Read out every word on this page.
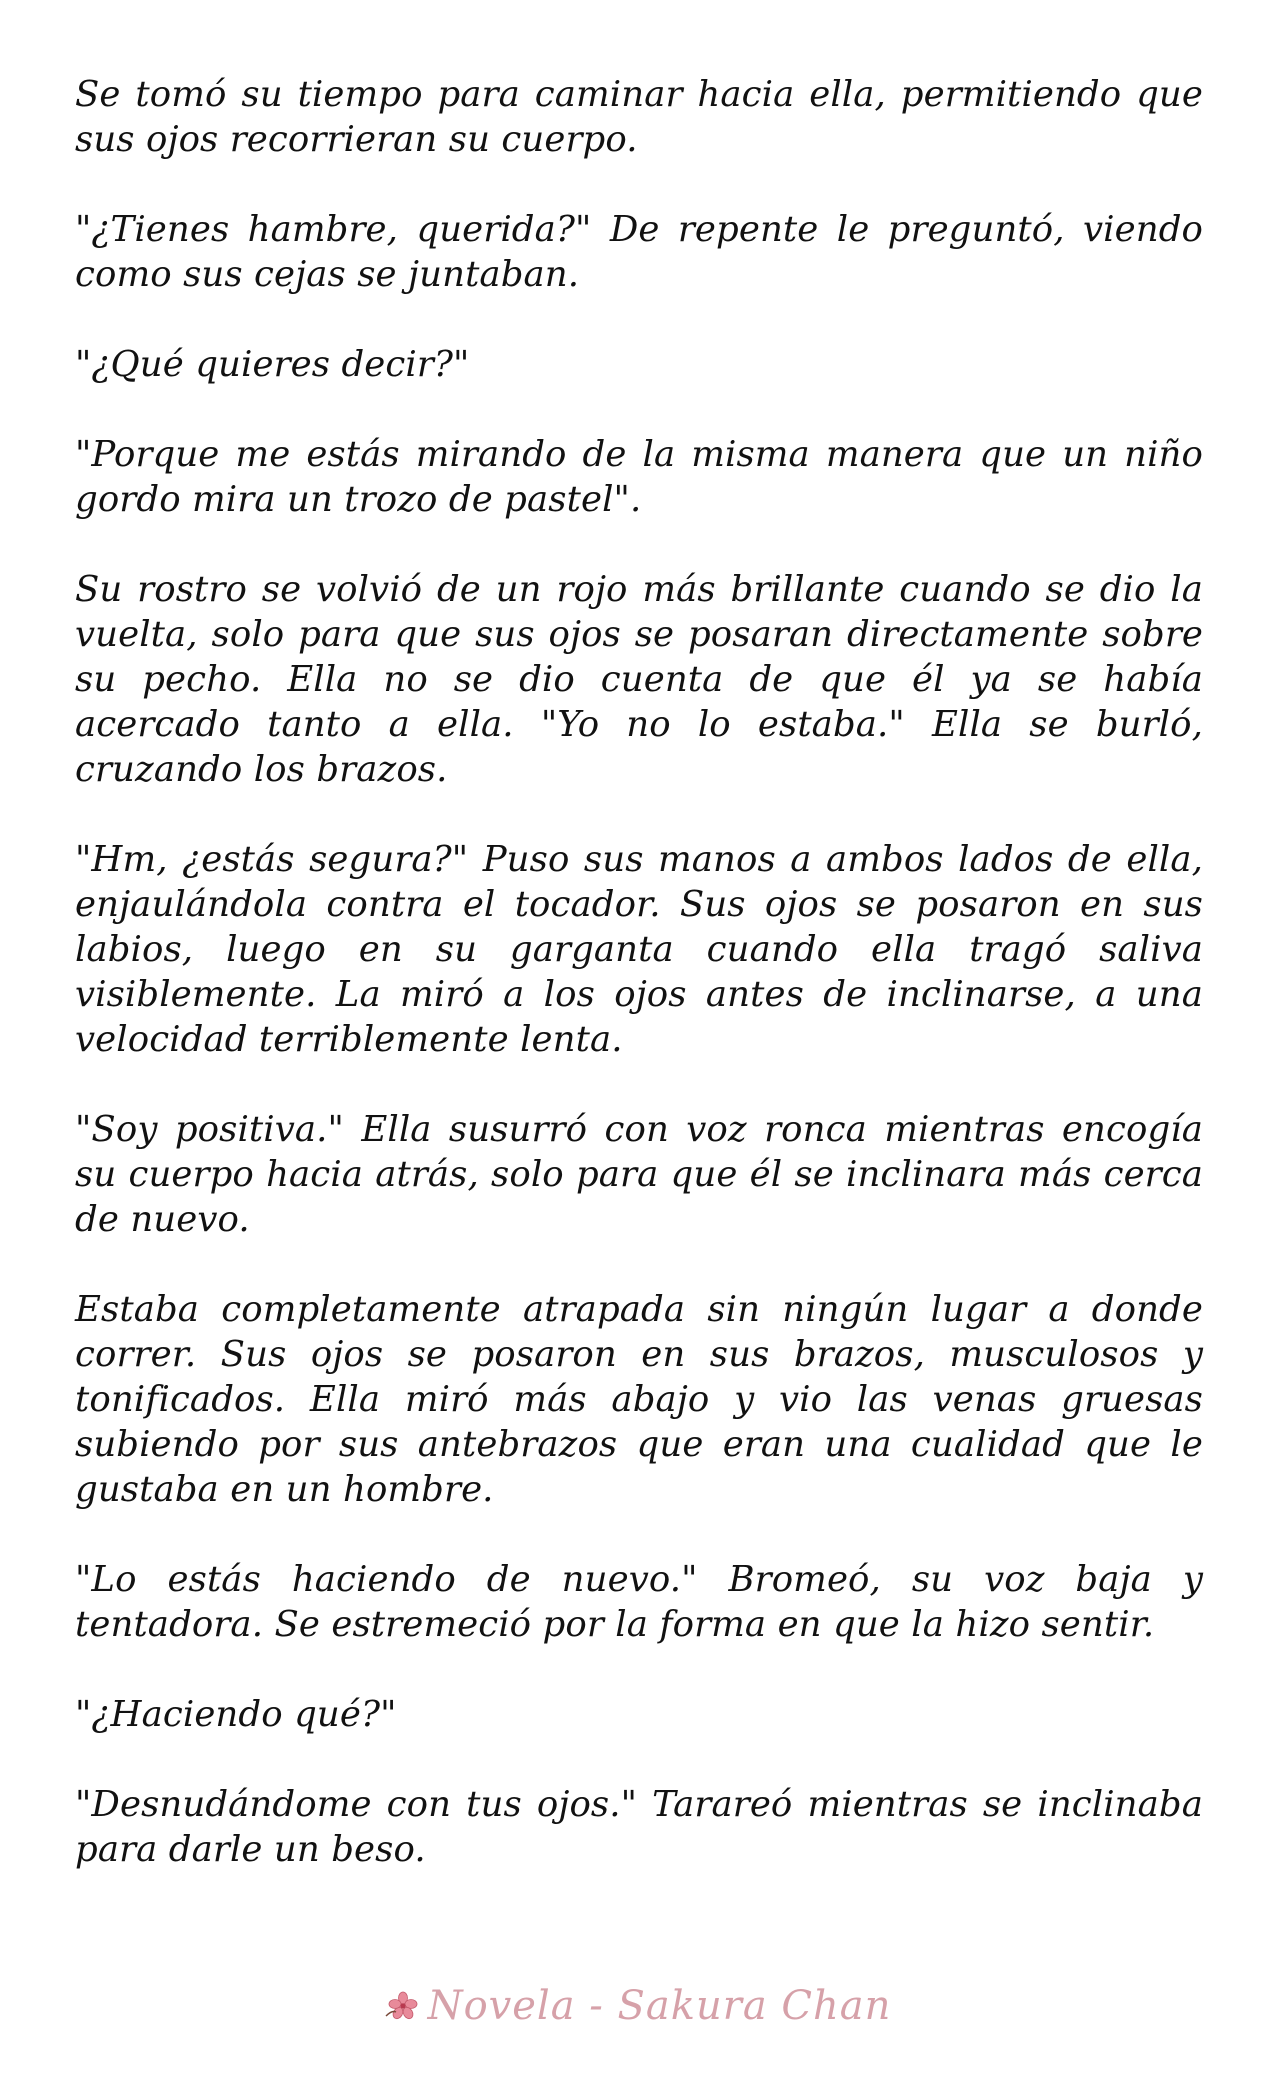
Se tomó su tiempo para caminar hacia ella, permitiendo que sus ojos recorrieran su cuerpo.

"¿Tienes hambre, querida?" De repente le preguntó, viendo como sus cejas se juntaban.

"¿Qué quieres decir?"

"Porque me estás mirando de la misma manera que un niño gordo mira un trozo de pastel".

Su rostro se volvió de un rojo más brillante cuando se dio la vuelta, solo para que sus ojos se posaran directamente sobre su pecho. Ella no se dio cuenta de que él ya se había acercado tanto a ella. "Yo no lo estaba." Ella se burló, cruzando los brazos.

"Hm, ¿estás segura?" Puso sus manos a ambos lados de ella, enjaulándola contra el tocador. Sus ojos se posaron en sus labios, luego en su garganta cuando ella tragó saliva visiblemente. La miró a los ojos antes de inclinarse, a una velocidad terriblemente lenta.

"Soy positiva." Ella susurró con voz ronca mientras encogía su cuerpo hacia atrás, solo para que él se inclinara más cerca de nuevo.

Estaba completamente atrapada sin ningún lugar a donde correr. Sus ojos se posaron en sus brazos, musculosos y tonificados. Ella miró más abajo y vio las venas gruesas subiendo por sus antebrazos que eran una cualidad que le gustaba en un hombre.

"Lo estás haciendo de nuevo." Bromeó, su voz baja y tentadora. Se estremeció por la forma en que la hizo sentir.

"¿Haciendo qué?"

"Desnudándome con tus ojos." Tarareó mientras se inclinaba para darle un beso.

Novela - Sakura Chan
